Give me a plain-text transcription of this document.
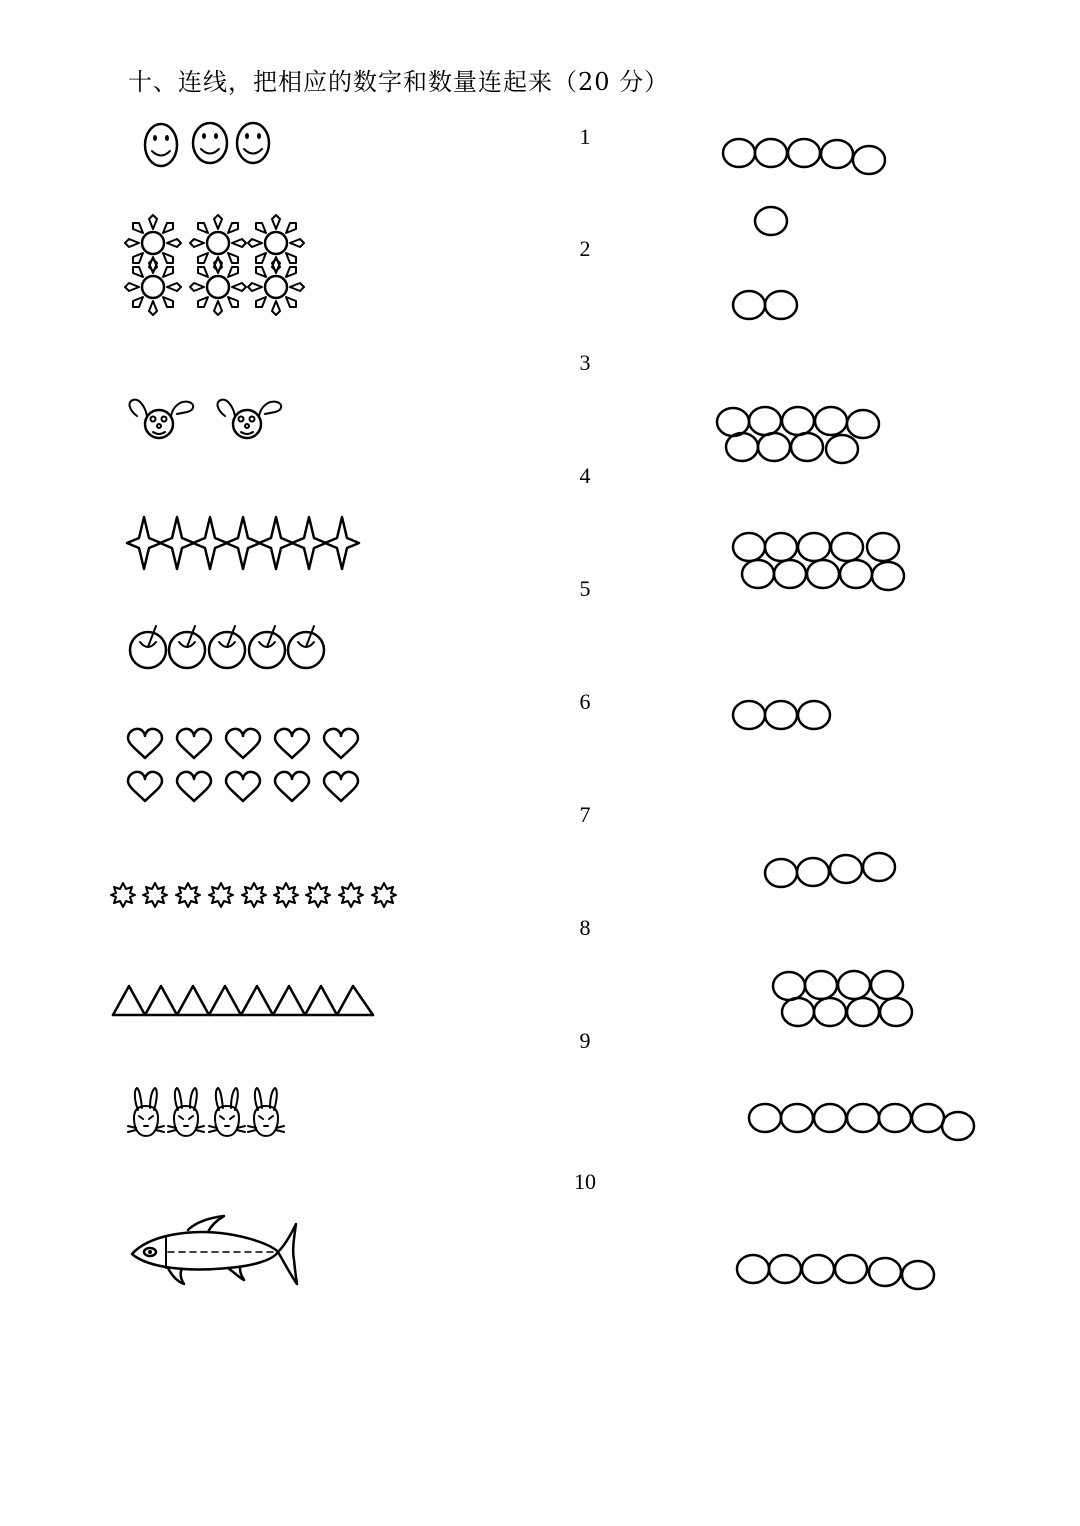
十、连线，把相应的数字和数量连起来（20 分）
1
2
3
4
5
6
7
8
9
10
